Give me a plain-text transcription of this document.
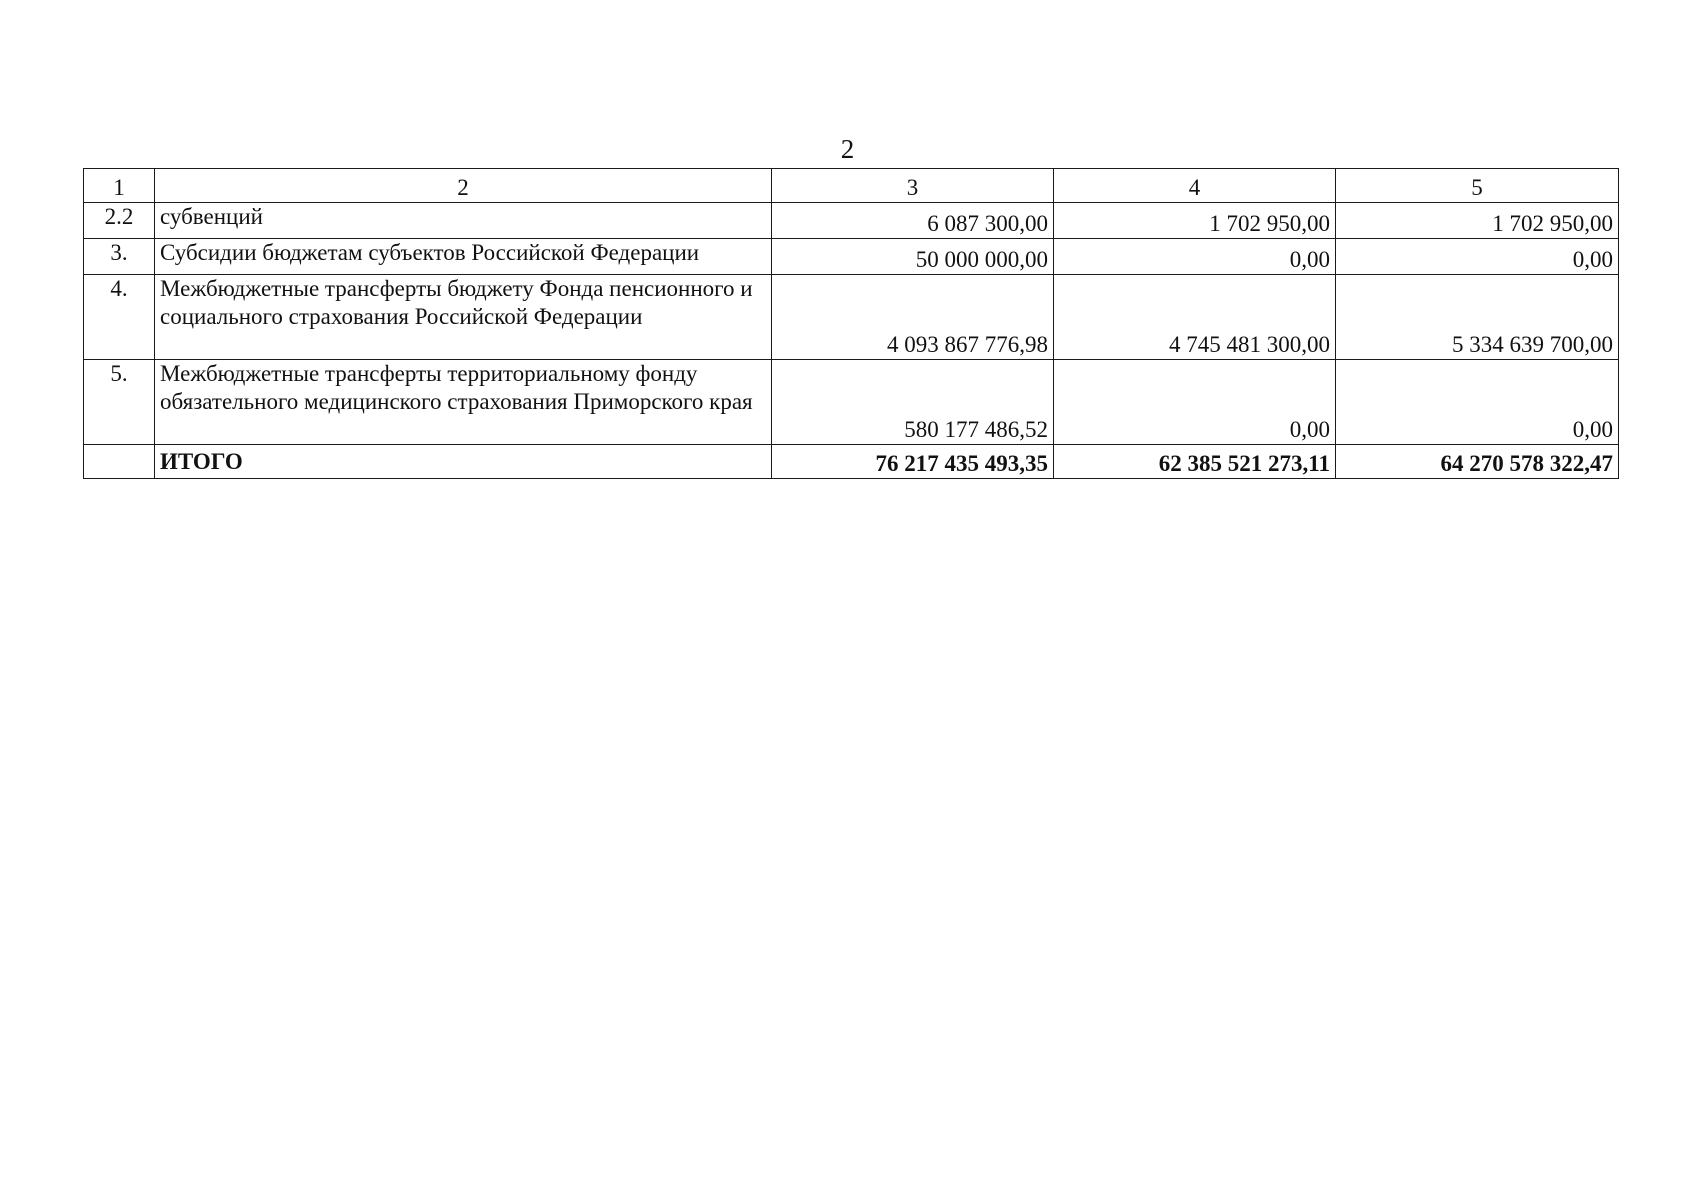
2
1	2	3	4	5
2.2	субвенций	6 087 300,00	1 702 950,00	1 702 950,00
3.	Субсидии бюджетам субъектов Российской Федерации	50 000 000,00	0,00	0,00
4.	Межбюджетные трансферты бюджету Фонда пенсионного и социального страхования Российской Федерации	4 093 867 776,98	4 745 481 300,00	5 334 639 700,00
5.	Межбюджетные трансферты территориальному фонду обязательного медицинского страхования Приморского края	580 177 486,52	0,00	0,00
	ИТОГО	76 217 435 493,35	62 385 521 273,11	64 270 578 322,47
